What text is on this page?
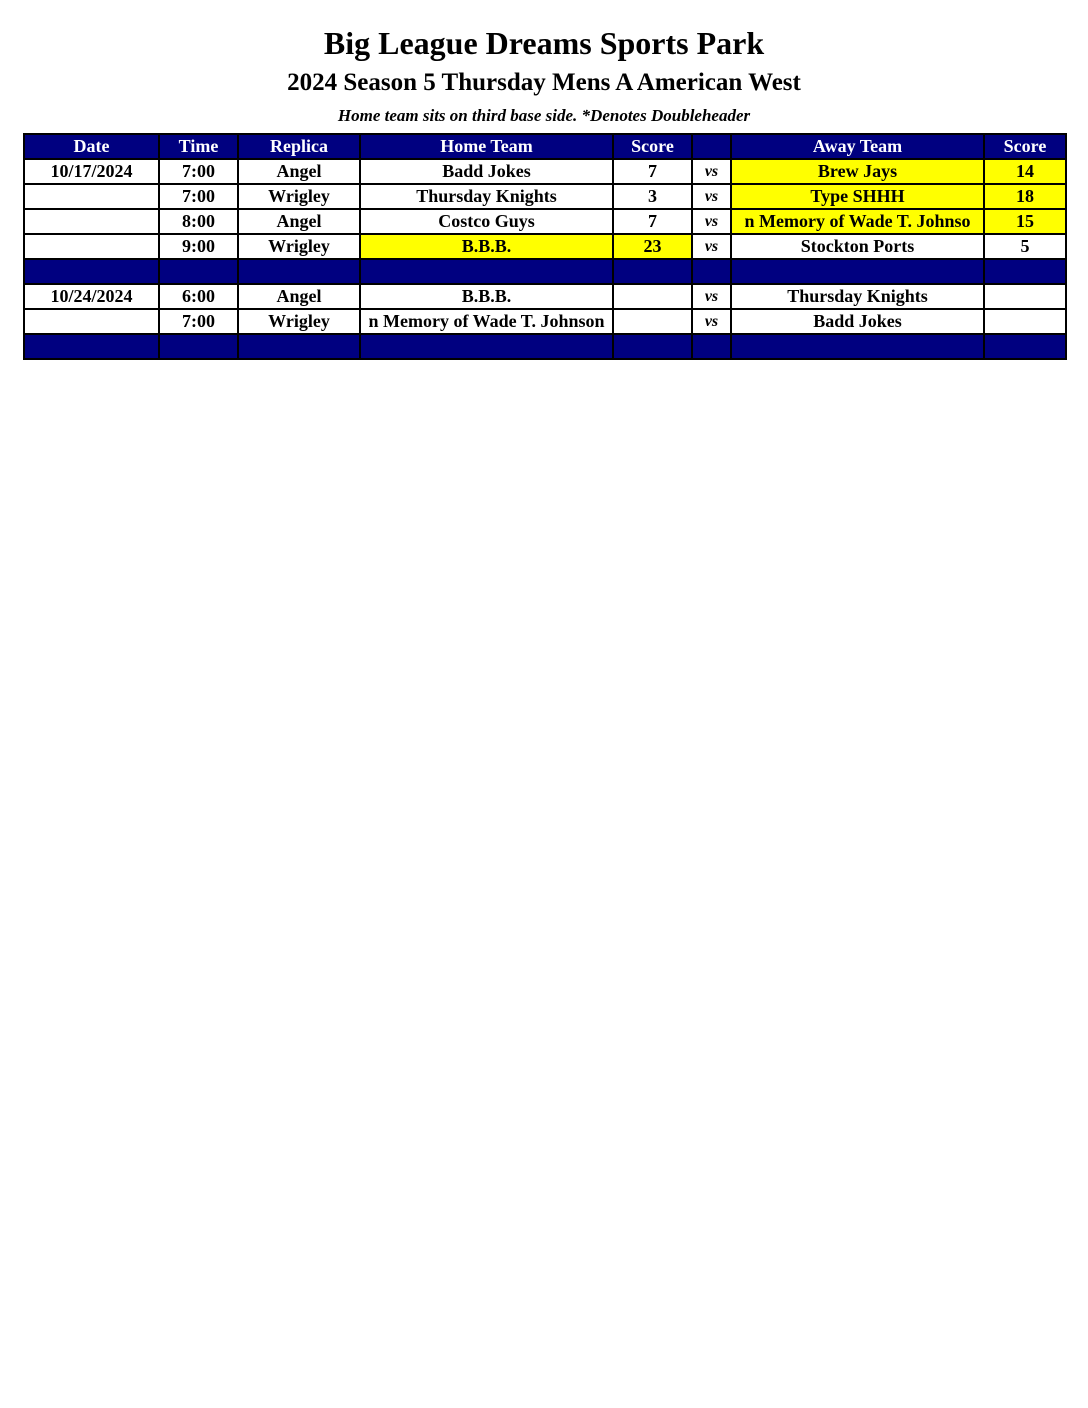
Big League Dreams Sports Park
2024 Season 5 Thursday Mens A American West
Home team sits on third base side. *Denotes Doubleheader
Date	Time	Replica	Home Team	Score		Away Team	Score
10/17/2024	7:00	Angel	Badd Jokes	7	vs	Brew Jays	14
	7:00	Wrigley	Thursday Knights	3	vs	Type SHHH	18
	8:00	Angel	Costco Guys	7	vs	n Memory of Wade T. Johnso	15
	9:00	Wrigley	B.B.B.	23	vs	Stockton Ports	5

10/24/2024	6:00	Angel	B.B.B.		vs	Thursday Knights	
	7:00	Wrigley	n Memory of Wade T. Johnson		vs	Badd Jokes	
